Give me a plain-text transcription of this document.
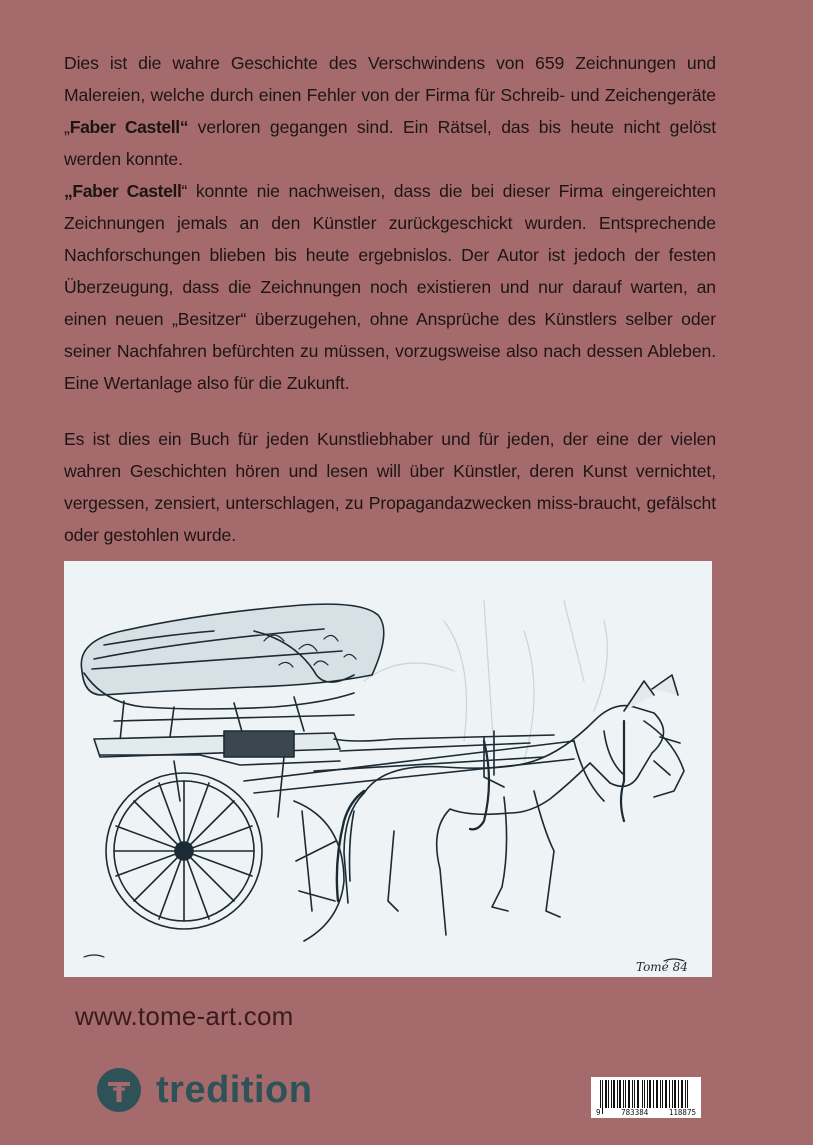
Dies ist die wahre Geschichte des Verschwindens von 659 Zeichnungen und Malereien, welche durch einen Fehler von der Firma für Schreib- und Zeichengeräte „Faber Castell“ verloren gegangen sind. Ein Rätsel, das bis heute nicht gelöst werden konnte.

„Faber Castell“ konnte nie nachweisen, dass die bei dieser Firma eingereichten Zeichnungen jemals an den Künstler zurückgeschickt wurden. Entsprechende Nachforschungen blieben bis heute ergebnislos. Der Autor ist jedoch der festen Überzeugung, dass die Zeichnungen noch existieren und nur darauf warten, an einen neuen „Besitzer“ überzugehen, ohne Ansprüche des Künstlers selber oder seiner Nachfahren befürchten zu müssen, vorzugsweise also nach dessen Ableben. Eine Wertanlage also für die Zukunft.

Es ist dies ein Buch für jeden Kunstliebhaber und für jeden, der eine der vielen wahren Geschichten hören und lesen will über Künstler, deren Kunst vernichtet, vergessen, zensiert, unterschlagen, zu Propagandazwecken miss-braucht, gefälscht oder gestohlen wurde.

Tomé 84
www.tome-art.com
tredition
9	783384	118875
